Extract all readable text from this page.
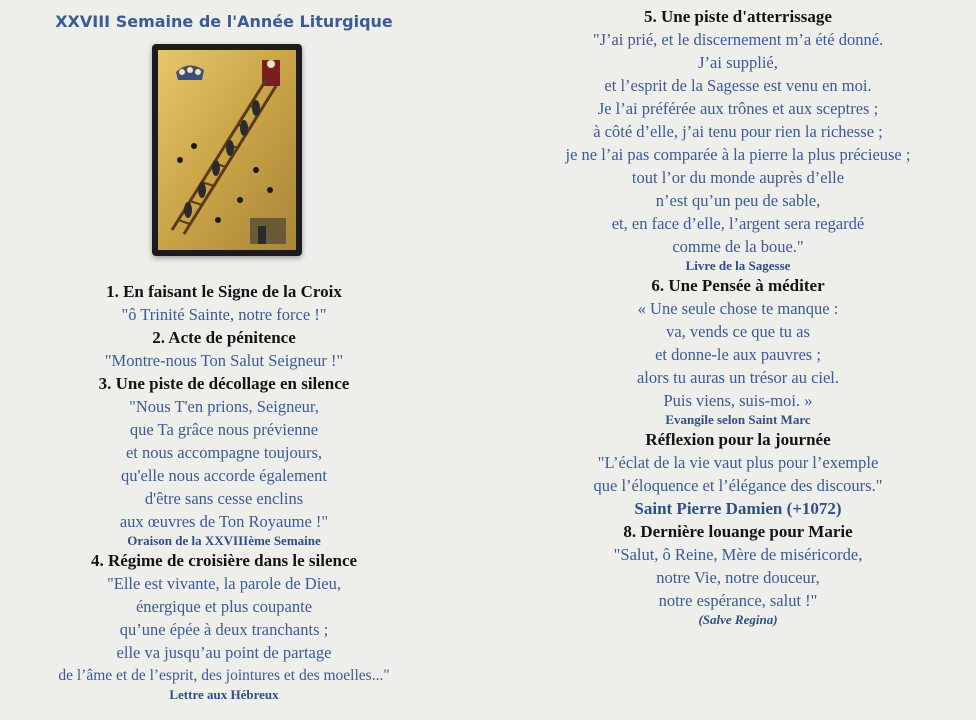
XXVIII Semaine de l'Année Liturgique
1. En faisant le Signe de la Croix
"ô Trinité Sainte, notre force !"
2. Acte de pénitence
"Montre-nous Ton Salut Seigneur !"
3. Une piste de décollage en silence
"Nous T'en prions, Seigneur,
que Ta grâce nous prévienne
et nous accompagne toujours,
qu'elle nous accorde également
d'être sans cesse enclins
aux œuvres de Ton Royaume !"
Oraison de la XXVIIIème Semaine
4. Régime de croisière dans le silence
"Elle est vivante, la parole de Dieu,
énergique et plus coupante
qu’une épée à deux tranchants ;
elle va jusqu’au point de partage
de l’âme et de l’esprit, des jointures et des moelles..."
Lettre aux Hébreux
5. Une piste d'atterrissage
"J’ai prié, et le discernement m’a été donné.
J’ai supplié,
et l’esprit de la Sagesse est venu en moi.
Je l’ai préférée aux trônes et aux sceptres ;
à côté d’elle, j’ai tenu pour rien la richesse ;
je ne l’ai pas comparée à la pierre la plus précieuse ;
tout l’or du monde auprès d’elle
n’est qu’un peu de sable,
et, en face d’elle, l’argent sera regardé
comme de la boue."
Livre de la Sagesse
6. Une Pensée à méditer
« Une seule chose te manque :
va, vends ce que tu as
et donne-le aux pauvres ;
alors tu auras un trésor au ciel.
Puis viens, suis-moi. »
Evangile selon Saint Marc
Réflexion pour la journée
"L’éclat de la vie vaut plus pour l’exemple
que l’éloquence et l’élégance des discours."
Saint Pierre Damien (+1072)
8. Dernière louange pour Marie
"Salut, ô Reine, Mère de miséricorde,
notre Vie, notre douceur,
notre espérance, salut !"
(Salve Regina)
